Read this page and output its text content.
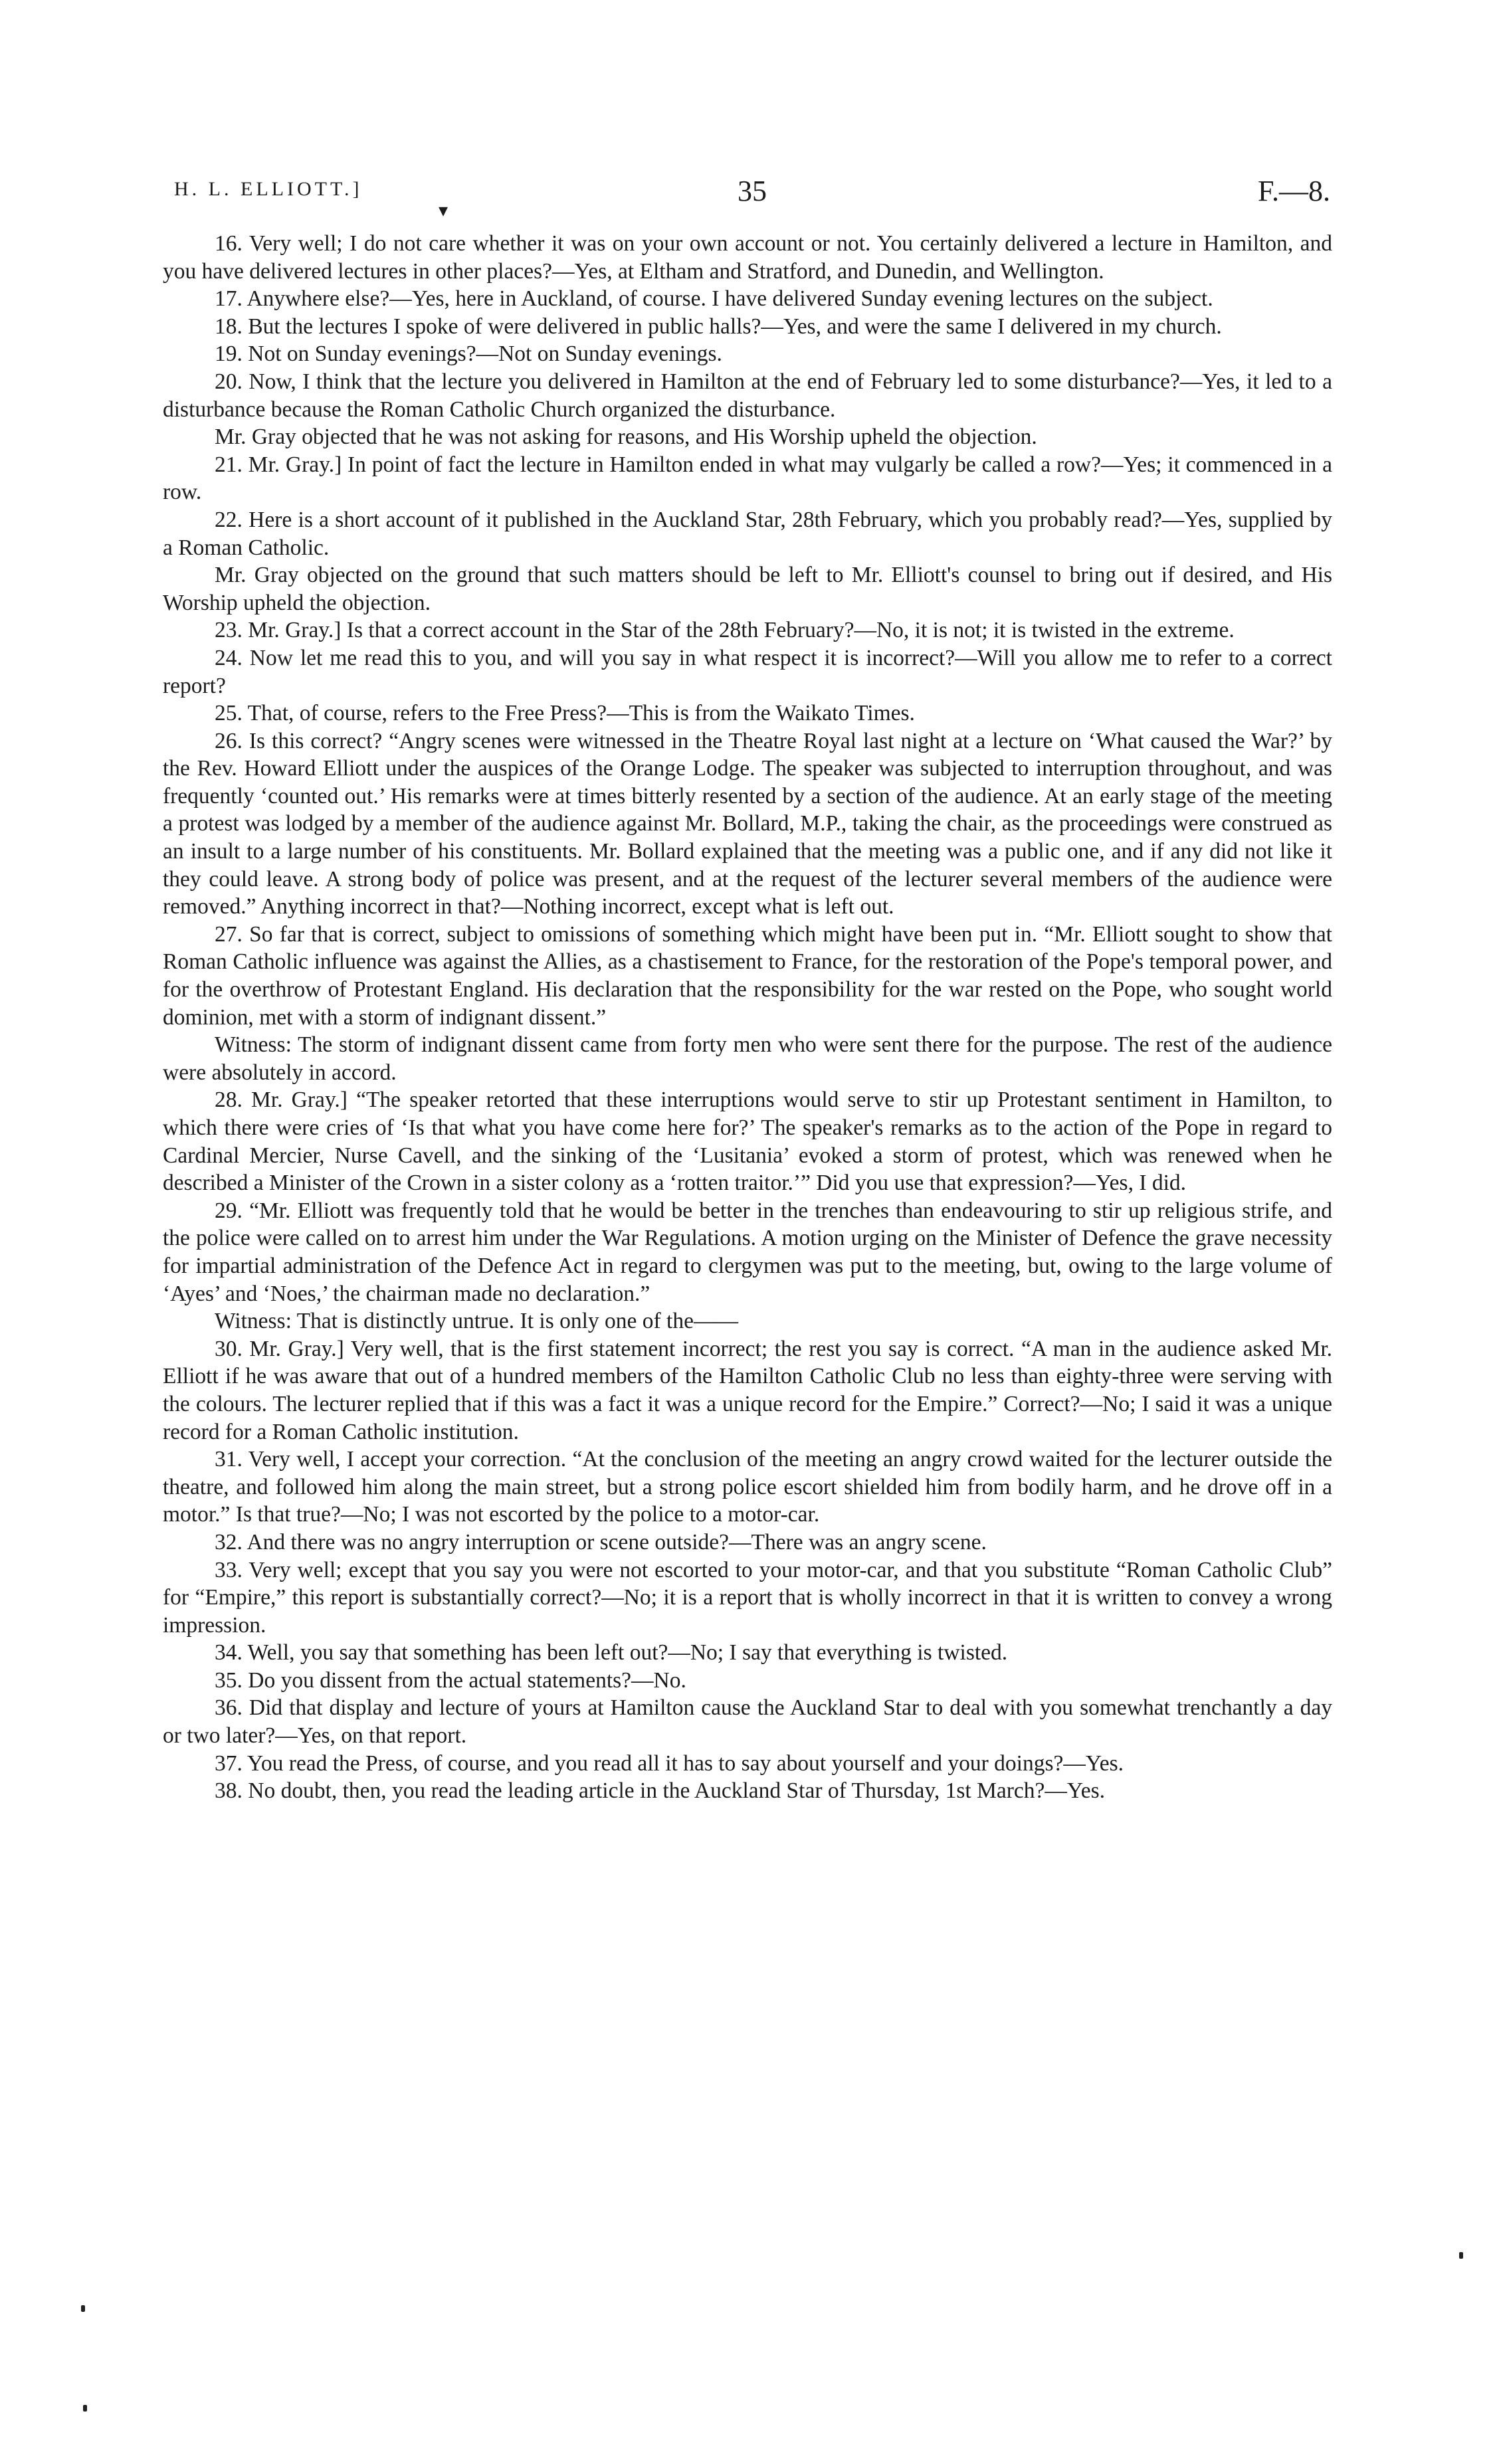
H. L. ELLIOTT.]	35	F.—8.
▾

16. Very well; I do not care whether it was on your own account or not. You certainly delivered a lecture in Hamilton, and you have delivered lectures in other places?—Yes, at Eltham and Stratford, and Dunedin, and Wellington.

17. Anywhere else?—Yes, here in Auckland, of course. I have delivered Sunday evening lectures on the subject.

18. But the lectures I spoke of were delivered in public halls?—Yes, and were the same I delivered in my church.

19. Not on Sunday evenings?—Not on Sunday evenings.

20. Now, I think that the lecture you delivered in Hamilton at the end of February led to some disturbance?—Yes, it led to a disturbance because the Roman Catholic Church organized the disturbance.

Mr. Gray objected that he was not asking for reasons, and His Worship upheld the objection.

21. Mr. Gray.] In point of fact the lecture in Hamilton ended in what may vulgarly be called a row?—Yes; it commenced in a row.

22. Here is a short account of it published in the Auckland Star, 28th February, which you probably read?—Yes, supplied by a Roman Catholic.

Mr. Gray objected on the ground that such matters should be left to Mr. Elliott's counsel to bring out if desired, and His Worship upheld the objection.

23. Mr. Gray.] Is that a correct account in the Star of the 28th February?—No, it is not; it is twisted in the extreme.

24. Now let me read this to you, and will you say in what respect it is incorrect?—Will you allow me to refer to a correct report?

25. That, of course, refers to the Free Press?—This is from the Waikato Times.

26. Is this correct? “Angry scenes were witnessed in the Theatre Royal last night at a lecture on ‘What caused the War?’ by the Rev. Howard Elliott under the auspices of the Orange Lodge. The speaker was subjected to interruption throughout, and was frequently ‘counted out.’ His remarks were at times bitterly resented by a section of the audience. At an early stage of the meeting a protest was lodged by a member of the audience against Mr. Bollard, M.P., taking the chair, as the proceedings were construed as an insult to a large number of his constituents. Mr. Bollard explained that the meeting was a public one, and if any did not like it they could leave. A strong body of police was present, and at the request of the lecturer several members of the audience were removed.” Anything incorrect in that?—Nothing incorrect, except what is left out.

27. So far that is correct, subject to omissions of something which might have been put in. “Mr. Elliott sought to show that Roman Catholic influence was against the Allies, as a chastisement to France, for the restoration of the Pope's temporal power, and for the overthrow of Protestant England. His declaration that the responsibility for the war rested on the Pope, who sought world dominion, met with a storm of indignant dissent.”

Witness: The storm of indignant dissent came from forty men who were sent there for the purpose. The rest of the audience were absolutely in accord.

28. Mr. Gray.] “The speaker retorted that these interruptions would serve to stir up Protestant sentiment in Hamilton, to which there were cries of ‘Is that what you have come here for?’ The speaker's remarks as to the action of the Pope in regard to Cardinal Mercier, Nurse Cavell, and the sinking of the ‘Lusitania’ evoked a storm of protest, which was renewed when he described a Minister of the Crown in a sister colony as a ‘rotten traitor.’” Did you use that expression?—Yes, I did.

29. “Mr. Elliott was frequently told that he would be better in the trenches than endeavouring to stir up religious strife, and the police were called on to arrest him under the War Regulations. A motion urging on the Minister of Defence the grave necessity for impartial administration of the Defence Act in regard to clergymen was put to the meeting, but, owing to the large volume of ‘Ayes’ and ‘Noes,’ the chairman made no declaration.”

Witness: That is distinctly untrue. It is only one of the——

30. Mr. Gray.] Very well, that is the first statement incorrect; the rest you say is correct. “A man in the audience asked Mr. Elliott if he was aware that out of a hundred members of the Hamilton Catholic Club no less than eighty-three were serving with the colours. The lecturer replied that if this was a fact it was a unique record for the Empire.” Correct?—No; I said it was a unique record for a Roman Catholic institution.

31. Very well, I accept your correction. “At the conclusion of the meeting an angry crowd waited for the lecturer outside the theatre, and followed him along the main street, but a strong police escort shielded him from bodily harm, and he drove off in a motor.” Is that true?—No; I was not escorted by the police to a motor-car.

32. And there was no angry interruption or scene outside?—There was an angry scene.

33. Very well; except that you say you were not escorted to your motor-car, and that you substitute “Roman Catholic Club” for “Empire,” this report is substantially correct?—No; it is a report that is wholly incorrect in that it is written to convey a wrong impression.

34. Well, you say that something has been left out?—No; I say that everything is twisted.

35. Do you dissent from the actual statements?—No.

36. Did that display and lecture of yours at Hamilton cause the Auckland Star to deal with you somewhat trenchantly a day or two later?—Yes, on that report.

37. You read the Press, of course, and you read all it has to say about yourself and your doings?—Yes.

38. No doubt, then, you read the leading article in the Auckland Star of Thursday, 1st March?—Yes.
